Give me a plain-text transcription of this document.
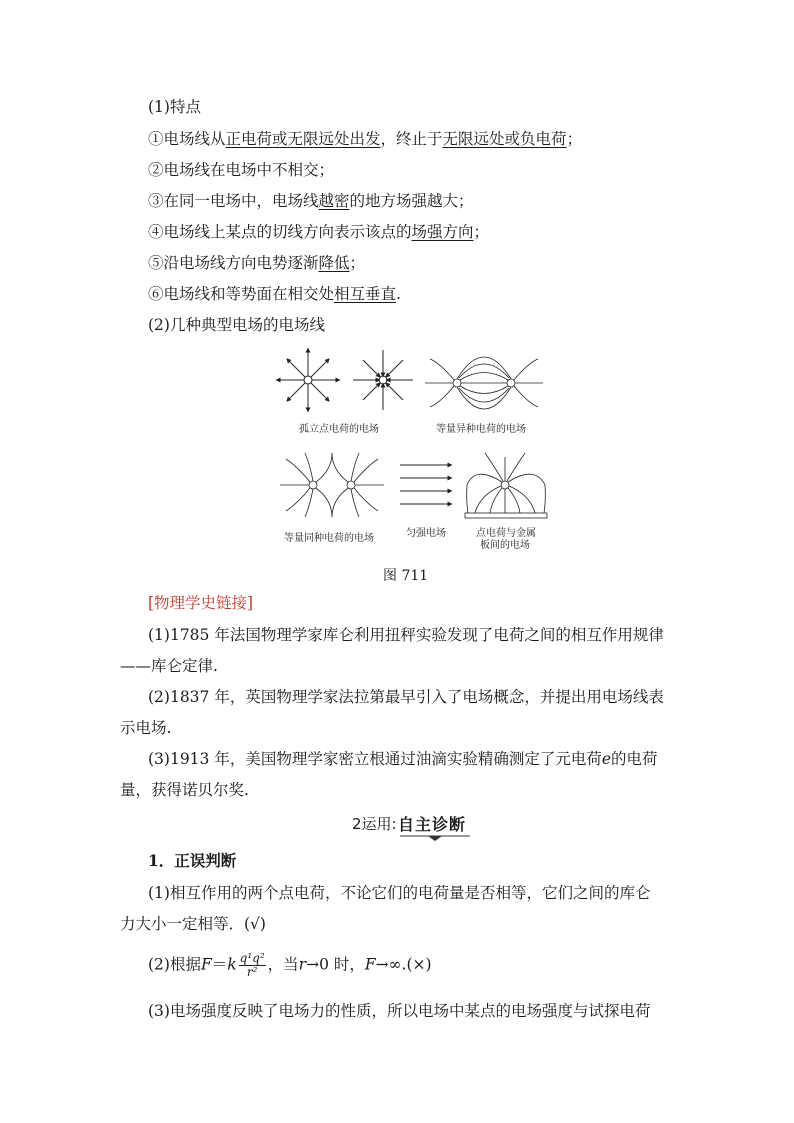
(1)特点
①电场线从正电荷或无限远处出发，终止于无限远处或负电荷；
②电场线在电场中不相交；
③在同一电场中，电场线越密的地方场强越大；
④电场线上某点的切线方向表示该点的场强方向；
⑤沿电场线方向电势逐渐降低；
⑥电场线和等势面在相交处相互垂直.
(2)几种典型电场的电场线
孤立点电荷的电场	等量异种电荷的电场
等量同种电荷的电场	匀强电场	点电荷与金属
板间的电场
图 711
[物理学史链接]
(1)1785 年法国物理学家库仑利用扭秤实验发现了电荷之间的相互作用规律
——库仑定律.
(2)1837 年，英国物理学家法拉第最早引入了电场概念，并提出用电场线表
示电场.
(3)1913 年，美国物理学家密立根通过油滴实验精确测定了元电荷e的电荷
量，获得诺贝尔奖.
2运用: 自主诊断
1．正误判断
(1)相互作用的两个点电荷，不论它们的电荷量是否相等，它们之间的库仑
力大小一定相等．(√)
(2)根据$F=k \frac{\text{q¹q²}}{\text{r²}}$ ，当r→0 时，F→∞.(×)
(3)电场强度反映了电场力的性质，所以电场中某点的电场强度与试探电荷
